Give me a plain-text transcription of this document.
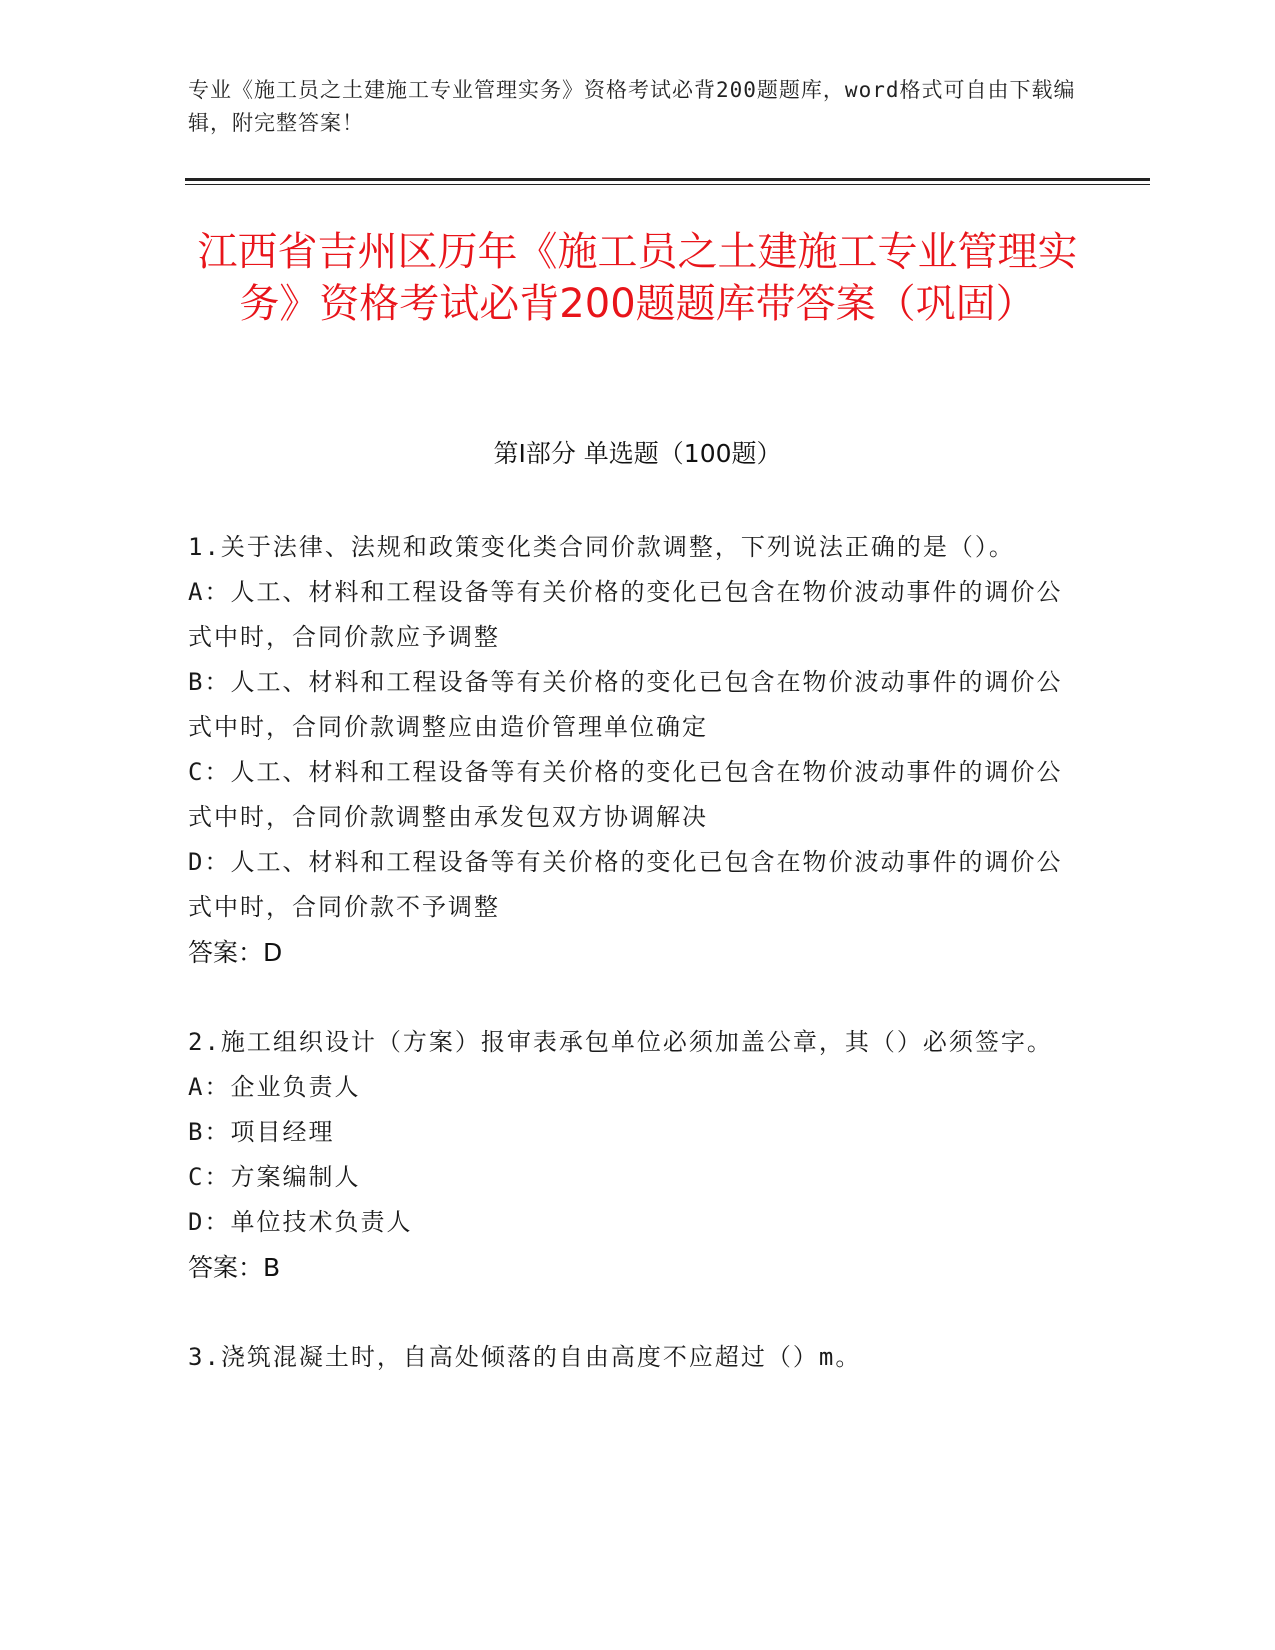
专业《施工员之土建施工专业管理实务》资格考试必背200题题库，word格式可自由下载编辑，附完整答案！
江西省吉州区历年《施工员之土建施工专业管理实务》资格考试必背200题题库带答案（巩固）
第I部分 单选题（100题）

1.关于法律、法规和政策变化类合同价款调整，下列说法正确的是（）。

A：人工、材料和工程设备等有关价格的变化已包含在物价波动事件的调价公式中时，合同价款应予调整

B：人工、材料和工程设备等有关价格的变化已包含在物价波动事件的调价公式中时，合同价款调整应由造价管理单位确定

C：人工、材料和工程设备等有关价格的变化已包含在物价波动事件的调价公式中时，合同价款调整由承发包双方协调解决

D：人工、材料和工程设备等有关价格的变化已包含在物价波动事件的调价公式中时，合同价款不予调整

答案：D

2.施工组织设计（方案）报审表承包单位必须加盖公章，其（）必须签字。

A：企业负责人

B：项目经理

C：方案编制人

D：单位技术负责人

答案：B

3.浇筑混凝土时，自高处倾落的自由高度不应超过（）m。
